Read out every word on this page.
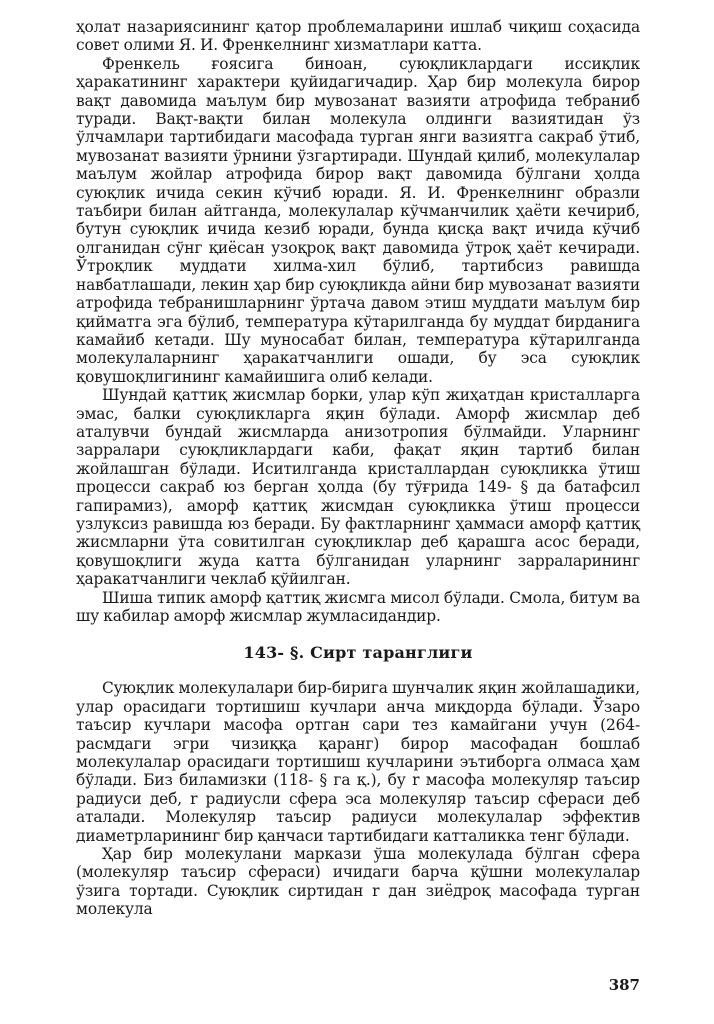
ҳолат назариясининг қатор проблемаларини ишлаб чиқиш соҳасида совет олими Я. И. Френкелнинг хизматлари катта.

Френкель ғоясига биноан, суюқликлардаги иссиқлик ҳаракатининг характери қуйидагичадир. Ҳар бир молекула бирор вақт давомида маълум бир мувозанат вазияти атрофида тебраниб туради. Вақт-вақти билан молекула олдинги вазиятидан ўз ўлчамлари тартибидаги масофада турган янги вазиятга сакраб ўтиб, мувозанат вазияти ўрнини ўзгартиради. Шундай қилиб, молекулалар маълум жойлар атрофида бирор вақт давомида бўлгани ҳолда суюқлик ичида секин кўчиб юради. Я. И. Френкелнинг образли таъбири билан айтганда, молекулалар кўчманчилик ҳаёти кечириб, бутун суюқлик ичида кезиб юради, бунда қисқа вақт ичида кўчиб олганидан сўнг қиёсан узоқроқ вақт давомида ўтроқ ҳаёт кечиради. Ўтроқлик муддати хилма-хил бўлиб, тартибсиз равишда навбатлашади, лекин ҳар бир суюқликда айни бир мувозанат вазияти атрофида тебранишларнинг ўртача давом этиш муддати маълум бир қийматга эга бўлиб, температура кўтарилганда бу муддат бирданига камайиб кетади. Шу муносабат билан, температура кўтарилганда молекулаларнинг ҳаракатчанлиги ошади, бу эса суюқлик қовушоқлигининг камайишига олиб келади.

Шундай қаттиқ жисмлар борки, улар кўп жиҳатдан кристалларга эмас, балки суюқликларга яқин бўлади. Аморф жисмлар деб аталувчи бундай жисмларда анизотропия бўлмайди. Уларнинг зарралари суюқликлардаги каби, фақат яқин тартиб билан жойлашган бўлади. Иситилганда кристаллардан суюқликка ўтиш процесси сакраб юз берган ҳолда (бу тўғрида 149- § да батафсил гапирамиз), аморф қаттиқ жисмдан суюқликка ўтиш процесси узлуксиз равишда юз беради. Бу фактларнинг ҳаммаси аморф қаттиқ жисмларни ўта совитилган суюқликлар деб қарашга асос беради, қовушоқлиги жуда катта бўлганидан уларнинг зарраларининг ҳаракатчанлиги чеклаб қўйилган.

Шиша типик аморф қаттиқ жисмга мисол бўлади. Смола, битум ва шу кабилар аморф жисмлар жумласидандир.

143- §. Сирт таранглиги

Суюқлик молекулалари бир-бирига шунчалик яқин жойлашадики, улар орасидаги тортишиш кучлари анча миқдорда бўлади. Ўзаро таъсир кучлари масофа ортган сари тез камайгани учун (264- расмдаги эгри чизиққа қаранг) бирор масофадан бошлаб молекулалар орасидаги тортишиш кучларини эътиборга олмаса ҳам бўлади. Биз биламизки (118- § га қ.), бу r масофа молекуляр таъсир радиуси деб, r радиусли сфера эса молекуляр таъсир сфераси деб аталади. Молекуляр таъсир радиуси молекулалар эффектив диаметрларининг бир қанчаси тартибидаги катталикка тенг бўлади.

Ҳар бир молекулани маркази ўша молекулада бўлган сфера (молекуляр таъсир сфераси) ичидаги барча қўшни молекулалар ўзига тортади. Суюқлик сиртидан r дан зиёдроқ масофада турган молекула

387
